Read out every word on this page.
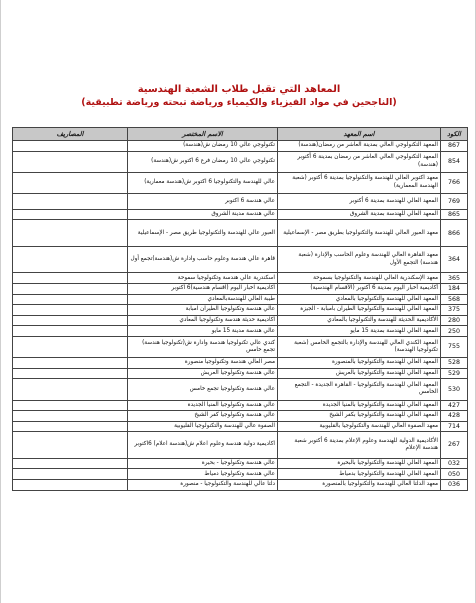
المعاهد التي تقبل طلاب الشعبة الهندسية
(الناجحين في مواد الفيزياء والكيمياء ورياضة تبحته ورياضة تطبيقية)
الكود	اسم المعهد	الاسم المختصر	المصاريف
867	المعهد التكنولوجي العالي بمدينة العاشر من رمضان(هندسة)	تكنولوجي عالي 10 رمضان ش(هندسة)	
854	المعهد التكنولوجي العالي العاشر من رمضان بمدينة 6 أكتوبر (هندسة)	تكنولوجي عالي 10 رمضان فرع 6 اكتوبر ش(هندسة)	
766	معهد اكتوبر العالي للهندسة والتكنولوجيا بمدينة 6 أكتوبر (شعبة الهندسة المعمارية)	عالي للهندسة والتكنولوجيا 6 اكتوبر ش(هندسة معمارية)	
769	المعهد العالي للهندسة بمدينة 6 أكتوبر	عالي هندسة 6 اكتوبر	
865	المعهد العالي للهندسة بمدينة الشروق	عالي هندسة مدينة الشروق	
866	معهد العبور العالي للهندسة والتكنولوجيا بطريق مصر - الإسماعيلية	العبور عالي للهندسة والتكنولوجيا طريق مصر - الإسماعيلية	
364	معهد القاهرة العالي للهندسة وعلوم الحاسب والإدارة (شعبة هندسة) التجمع الأول	قاهرة عالي هندسة وعلوم حاسب وادارة ش(هندسة)تجمع أول	
365	معهد الإسكندرية العالي للهندسة والتكنولوجيا بسموحة	اسكندرية عالي هندسة وتكنولوجيا سموحة	
184	أكاديمية أخبار اليوم بمدينة 6 أكتوبر (الأقسام الهندسية)	اكاديمية اخبار اليوم (اقسام هندسية)6 اكتوبر	
568	المعهد العالي للهندسة والتكنولوجيا بالمعادي	طيبة العالي للهندسةبالمعادي	
375	المعهد العالي للهندسة والتكنولوجيا الطيران بامبابة - الجيزة	عالي هندسة وتكنولوجيا الطيران امبابة	
280	الأكاديمية الحديثة للهندسة والتكنولوجيا بالمعادي	اكاديمية حديثة هندسة وتكنولوجيا المعادي	
250	المعهد العالي للهندسة بمدينة 15 مايو	عالي هندسة مدينة 15 مايو	
755	المعهد الكندي العالي للهندسة والإدارة بالتجمع الخامس (شعبة تكنولوجيا الهندسة)	كندي عالي تكنولوجيا هندسة وادارة ش(تكنولوجيا هندسة) تجمع خامس	
528	المعهد العالي للهندسة والتكنولوجيا بالمنصورة	مصر العالي هندسة وتكنولوجيا منصورة	
529	المعهد العالي للهندسة والتكنولوجيا بالعريش	عالي هندسة وتكنولوجيا العريش	
530	المعهد العالي للهندسة والتكنولوجيا - القاهرة الجديدة - التجمع الخامس	عالي هندسة وتكنولوجيا تجمع خامس	
427	المعهد العالي للهندسة والتكنولوجيا بالمنيا الجديدة	عالي هندسة وتكنولوجيا المنيا الجديدة	
428	المعهد العالي للهندسة والتكنولوجيا بكفر الشيخ	عالي هندسة وتكنولوجيا كفر الشيخ	
714	معهد الصفوة العالي للهندسة والتكنولوجيا بالقليوبية	الصفوة عالي للهندسة والتكنولوجيا القليوبية	
267	الأكاديمية الدولية للهندسة وعلوم الإعلام بمدينة 6 أكتوبر شعبة هندسة الإعلام	اكاديمية دولية هندسة وعلوم اعلام ش(هندسة اعلام) 6اكتوبر	
032	المعهد العالي للهندسة والتكنولوجيا بالبحيرة	عالي هندسة وتكنولوجيا - بحيرة	
050	المعهد العالي للهندسة والتكنولوجيا بدمياط	عالي هندسة وتكنولوجيا دمياط	
036	معهد الدلتا العالي للهندسة والتكنولوجيا بالمنصورة	دلتا عالي للهندسة والتكنولوجيا - منصورة	
